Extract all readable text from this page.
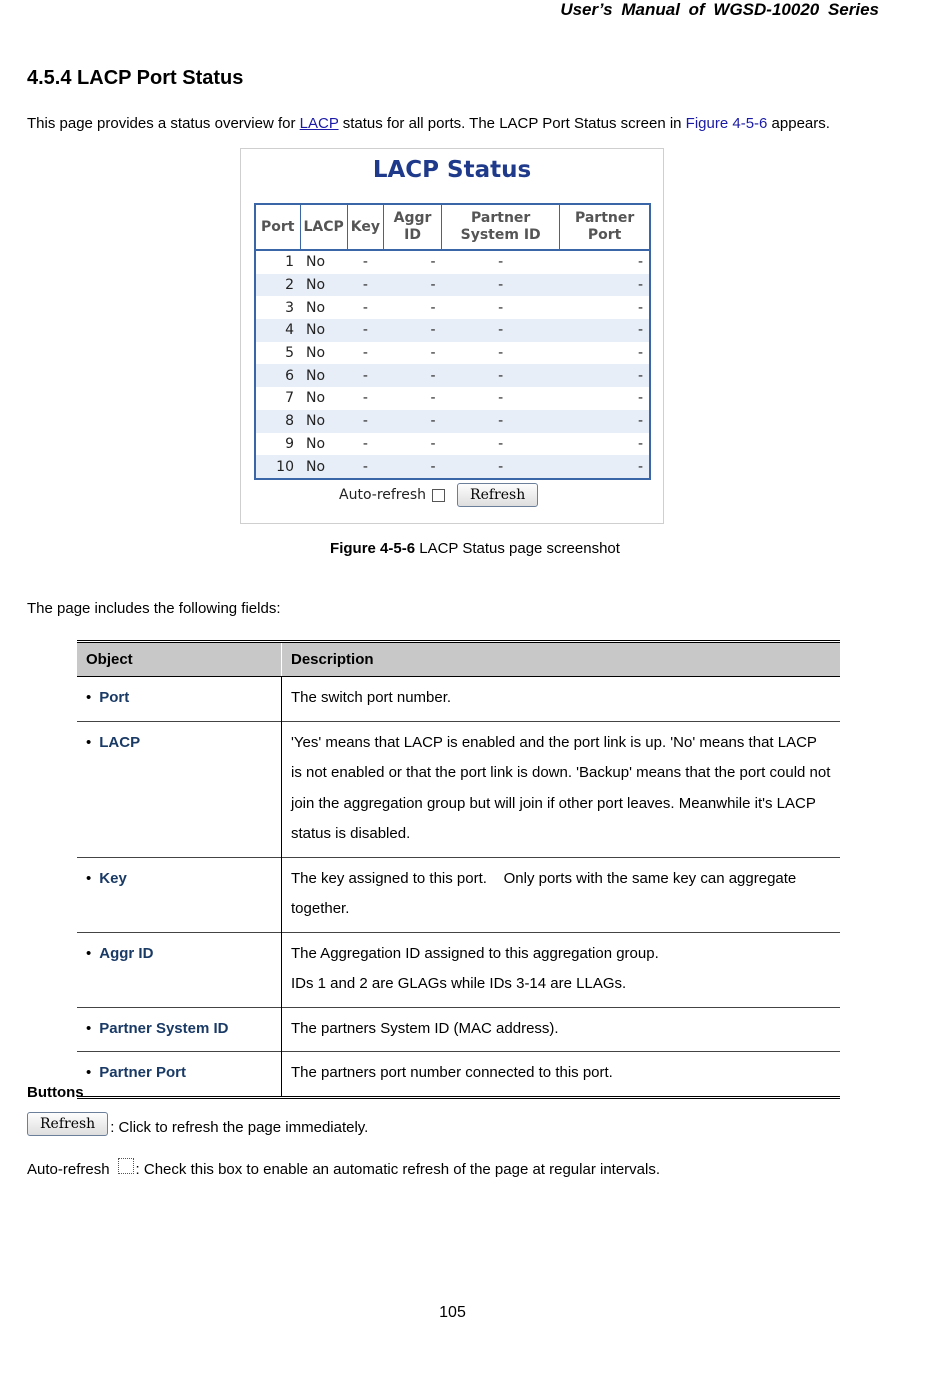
User’s Manual of WGSD-10020 Series
4.5.4 LACP Port Status
This page provides a status overview for LACP status for all ports. The LACP Port Status screen in Figure 4-5-6 appears.
LACP Status
Port	LACP	Key	Aggr ID	Partner System ID	Partner Port
1	No	-	-	-	-
2	No	-	-	-	-
3	No	-	-	-	-
4	No	-	-	-	-
5	No	-	-	-	-
6	No	-	-	-	-
7	No	-	-	-	-
8	No	-	-	-	-
9	No	-	-	-	-
10	No	-	-	-	-
Auto-refresh	Refresh
Figure 4-5-6 LACP Status page screenshot
The page includes the following fields:
Object	Description
• Port	The switch port number.
• LACP	'Yes' means that LACP is enabled and the port link is up. 'No' means that LACP is not enabled or that the port link is down. 'Backup' means that the port could not join the aggregation group but will join if other port leaves. Meanwhile it's LACP status is disabled.
• Key	The key assigned to this port.    Only ports with the same key can aggregate together.
• Aggr ID	The Aggregation ID assigned to this aggregation group.
IDs 1 and 2 are GLAGs while IDs 3-14 are LLAGs.

• Partner System ID	The partners System ID (MAC address).
• Partner Port	The partners port number connected to this port.
Buttons
Refresh	: Click to refresh the page immediately.
Auto-refresh : Check this box to enable an automatic refresh of the page at regular intervals.
105
